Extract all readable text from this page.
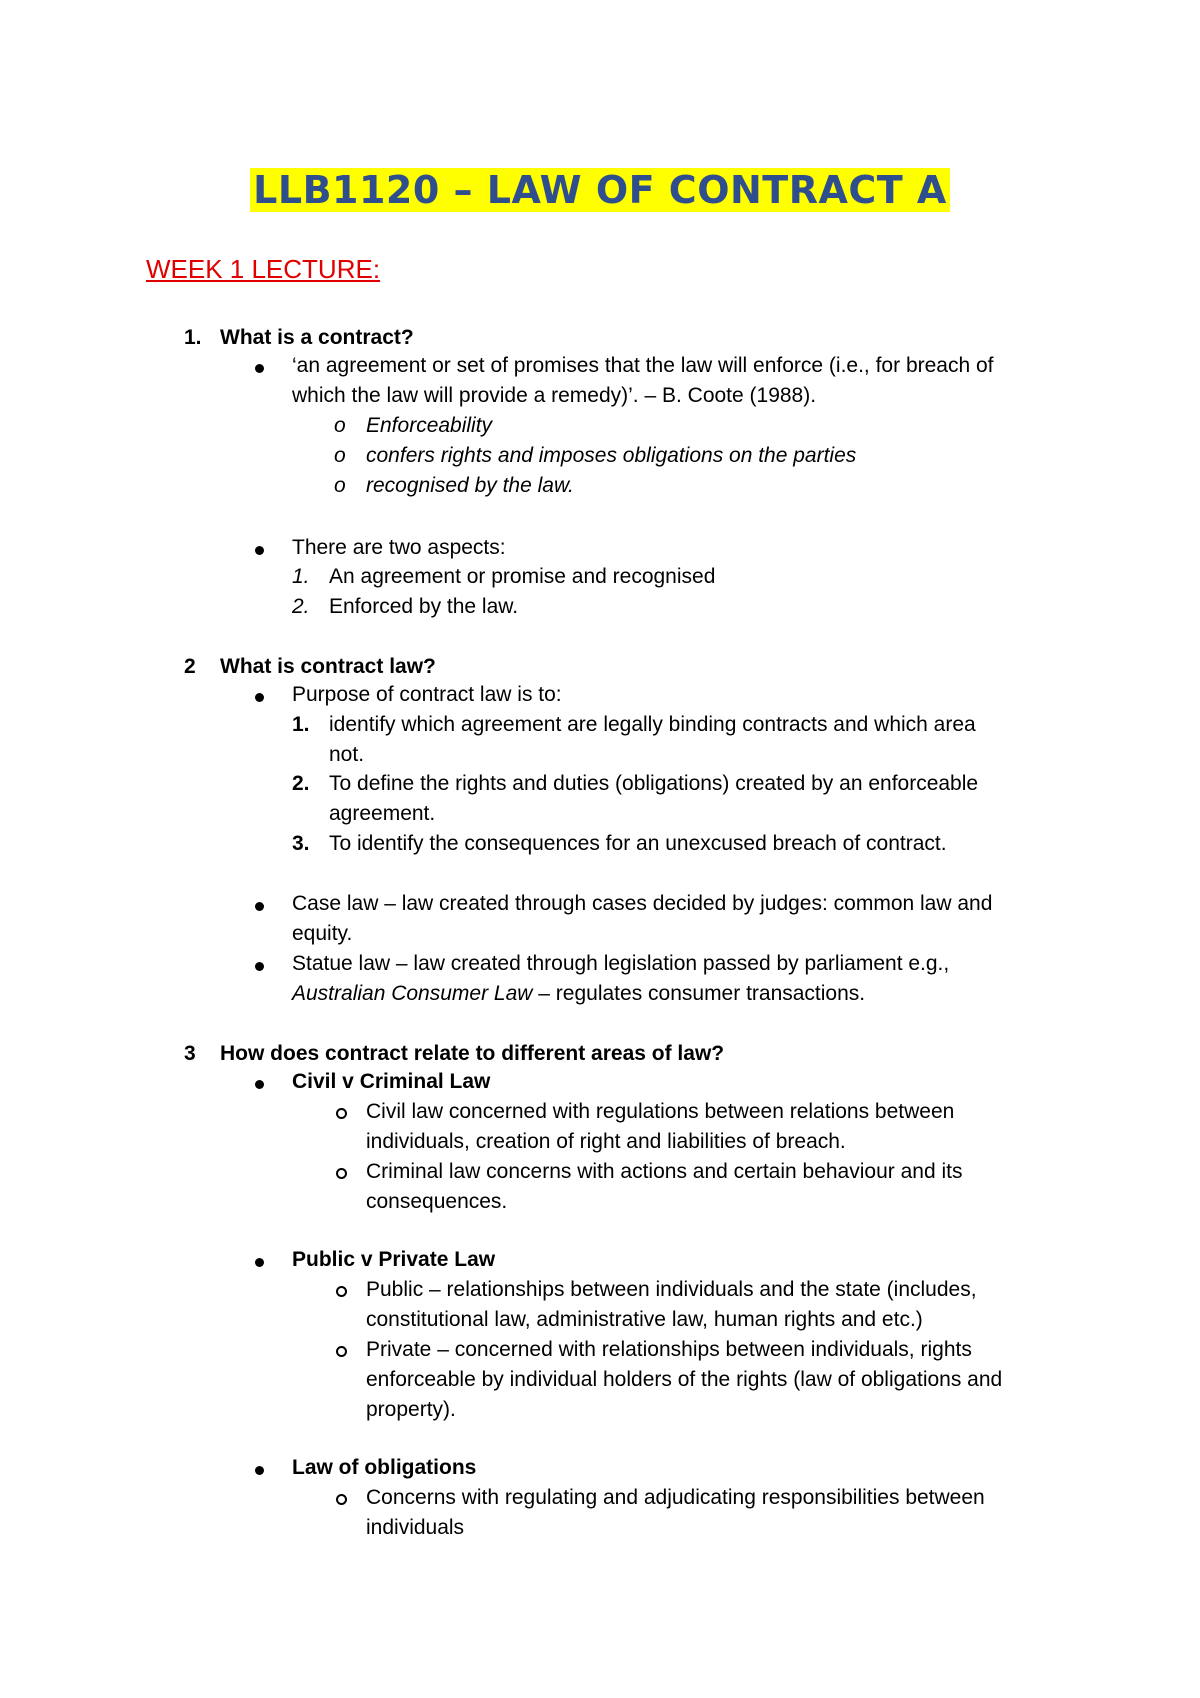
LLB1120 – LAW OF CONTRACT A
WEEK 1 LECTURE:
1. What is a contract?
‘an agreement or set of promises that the law will enforce (i.e., for breach of
which the law will provide a remedy)’. – B. Coote (1988).
o Enforceability
o confers rights and imposes obligations on the parties
o recognised by the law.
There are two aspects:
1. An agreement or promise and recognised
2. Enforced by the law.
2 What is contract law?
Purpose of contract law is to:
1. identify which agreement are legally binding contracts and which area
not.
2. To define the rights and duties (obligations) created by an enforceable
agreement.
3. To identify the consequences for an unexcused breach of contract.
Case law – law created through cases decided by judges: common law and
equity.
Statue law – law created through legislation passed by parliament e.g.,
Australian Consumer Law – regulates consumer transactions.
3 How does contract relate to different areas of law?
Civil v Criminal Law
Civil law concerned with regulations between relations between
individuals, creation of right and liabilities of breach.
Criminal law concerns with actions and certain behaviour and its
consequences.
Public v Private Law
Public – relationships between individuals and the state (includes,
constitutional law, administrative law, human rights and etc.)
Private – concerned with relationships between individuals, rights
enforceable by individual holders of the rights (law of obligations and
property).
Law of obligations
Concerns with regulating and adjudicating responsibilities between
individuals
